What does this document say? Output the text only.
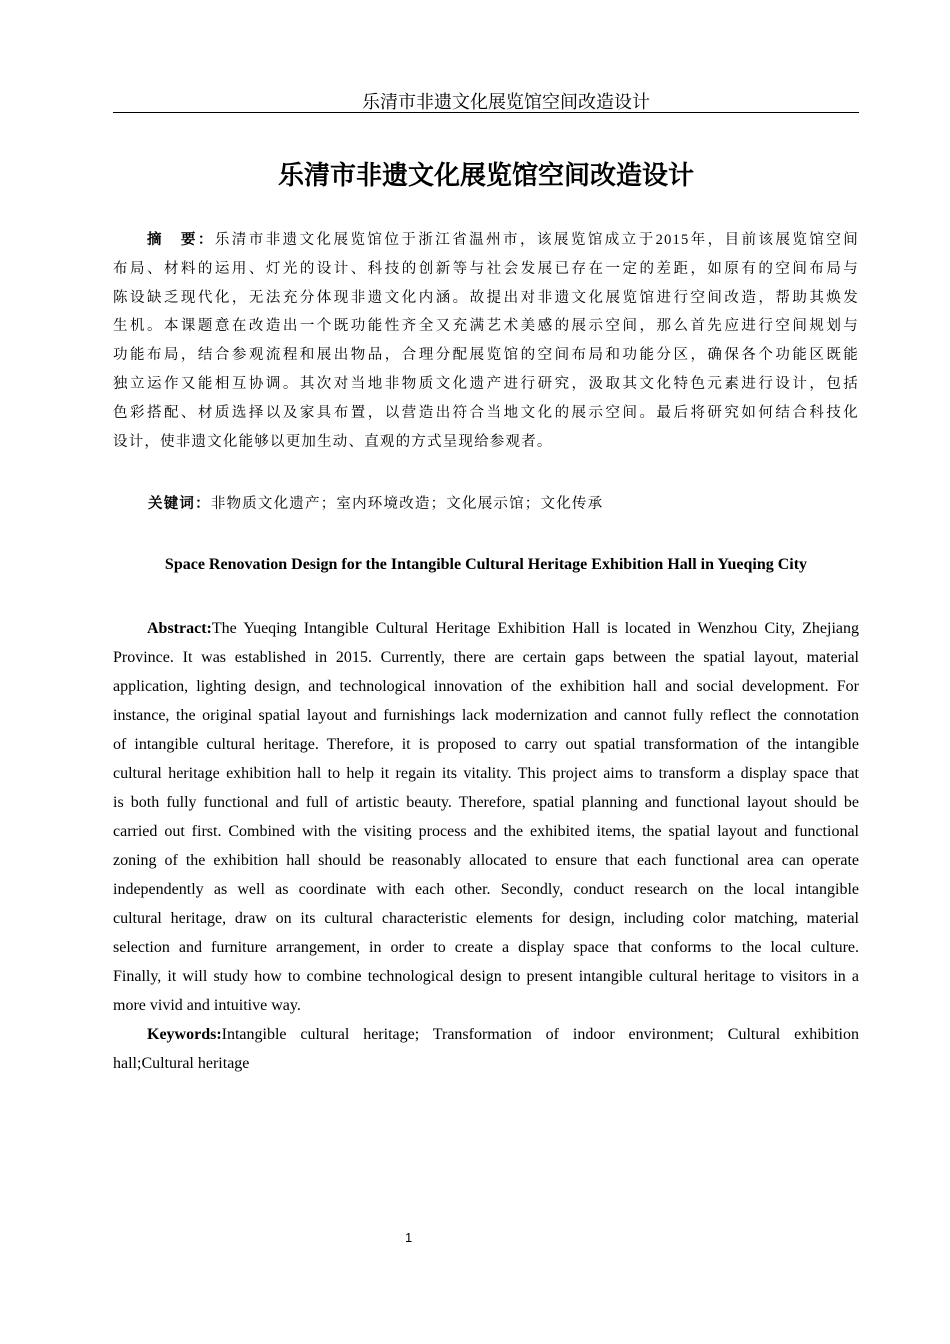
乐清市非遗文化展览馆空间改造设计
乐清市非遗文化展览馆空间改造设计
摘　要：乐清市非遗文化展览馆位于浙江省温州市，该展览馆成立于2015年，目前该展览馆空间
布局、材料的运用、灯光的设计、科技的创新等与社会发展已存在一定的差距，如原有的空间布局与
陈设缺乏现代化，无法充分体现非遗文化内涵。故提出对非遗文化展览馆进行空间改造，帮助其焕发
生机。本课题意在改造出一个既功能性齐全又充满艺术美感的展示空间，那么首先应进行空间规划与
功能布局，结合参观流程和展出物品，合理分配展览馆的空间布局和功能分区，确保各个功能区既能
独立运作又能相互协调。其次对当地非物质文化遗产进行研究，汲取其文化特色元素进行设计，包括
色彩搭配、材质选择以及家具布置，以营造出符合当地文化的展示空间。最后将研究如何结合科技化
设计，使非遗文化能够以更加生动、直观的方式呈现给参观者。
关键词：非物质文化遗产；室内环境改造；文化展示馆；文化传承
Space Renovation Design for the Intangible Cultural Heritage Exhibition Hall in Yueqing City
Abstract:The Yueqing Intangible Cultural Heritage Exhibition Hall is located in Wenzhou City, Zhejiang
Province. It was established in 2015. Currently, there are certain gaps between the spatial layout, material
application, lighting design, and technological innovation of the exhibition hall and social development. For
instance, the original spatial layout and furnishings lack modernization and cannot fully reflect the connotation
of intangible cultural heritage. Therefore, it is proposed to carry out spatial transformation of the intangible
cultural heritage exhibition hall to help it regain its vitality. This project aims to transform a display space that
is both fully functional and full of artistic beauty. Therefore, spatial planning and functional layout should be
carried out first. Combined with the visiting process and the exhibited items, the spatial layout and functional
zoning of the exhibition hall should be reasonably allocated to ensure that each functional area can operate
independently as well as coordinate with each other. Secondly, conduct research on the local intangible
cultural heritage, draw on its cultural characteristic elements for design, including color matching, material
selection and furniture arrangement, in order to create a display space that conforms to the local culture.
Finally, it will study how to combine technological design to present intangible cultural heritage to visitors in a
more vivid and intuitive way.
Keywords:Intangible cultural heritage; Transformation of indoor environment; Cultural exhibition
hall;Cultural heritage
1
